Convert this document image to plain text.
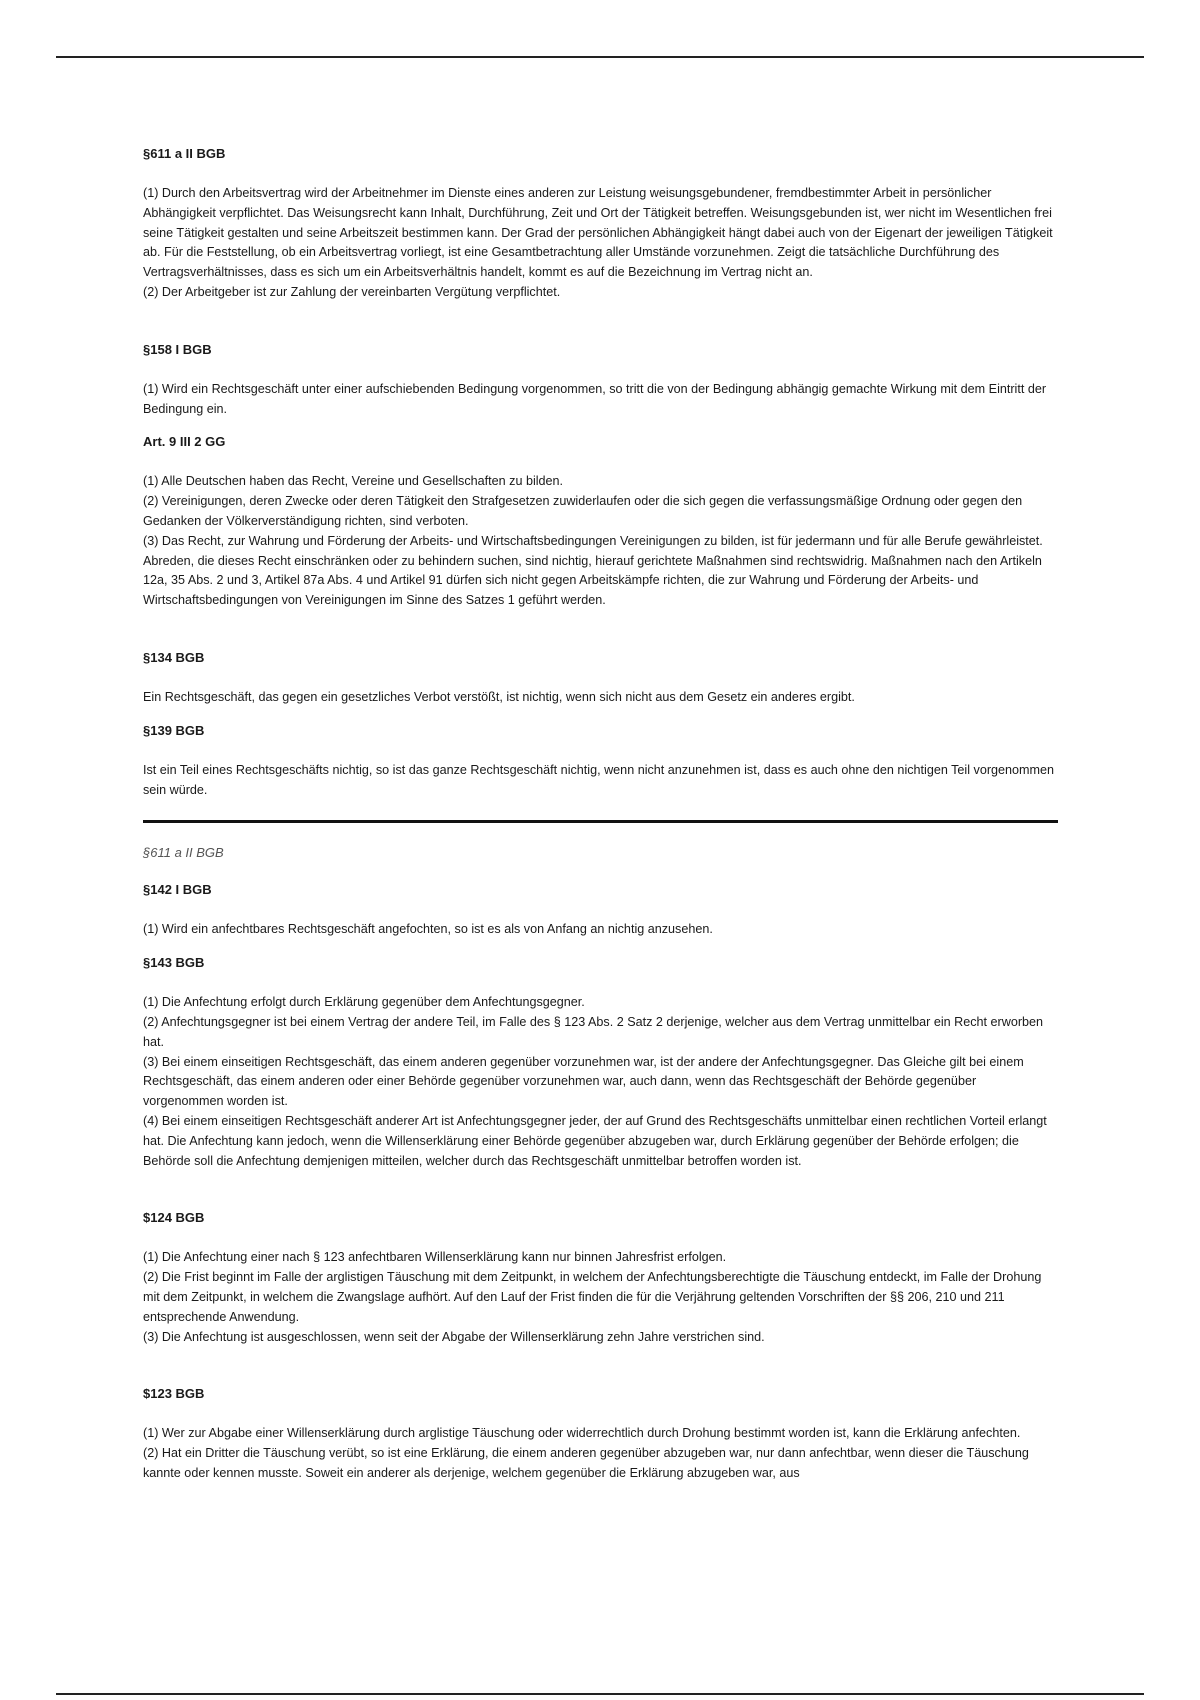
§611 a II BGB
(1) Durch den Arbeitsvertrag wird der Arbeitnehmer im Dienste eines anderen zur Leistung weisungsgebundener, fremdbestimmter Arbeit in persönlicher Abhängigkeit verpflichtet. Das Weisungsrecht kann Inhalt, Durchführung, Zeit und Ort der Tätigkeit betreffen. Weisungsgebunden ist, wer nicht im Wesentlichen frei seine Tätigkeit gestalten und seine Arbeitszeit bestimmen kann. Der Grad der persönlichen Abhängigkeit hängt dabei auch von der Eigenart der jeweiligen Tätigkeit ab. Für die Feststellung, ob ein Arbeitsvertrag vorliegt, ist eine Gesamtbetrachtung aller Umstände vorzunehmen. Zeigt die tatsächliche Durchführung des Vertragsverhältnisses, dass es sich um ein Arbeitsverhältnis handelt, kommt es auf die Bezeichnung im Vertrag nicht an.
(2) Der Arbeitgeber ist zur Zahlung der vereinbarten Vergütung verpflichtet.
§158 I BGB
(1) Wird ein Rechtsgeschäft unter einer aufschiebenden Bedingung vorgenommen, so tritt die von der Bedingung abhängig gemachte Wirkung mit dem Eintritt der Bedingung ein.
Art. 9 III 2 GG
(1) Alle Deutschen haben das Recht, Vereine und Gesellschaften zu bilden.
(2) Vereinigungen, deren Zwecke oder deren Tätigkeit den Strafgesetzen zuwiderlaufen oder die sich gegen die verfassungsmäßige Ordnung oder gegen den Gedanken der Völkerverständigung richten, sind verboten.
(3) Das Recht, zur Wahrung und Förderung der Arbeits- und Wirtschaftsbedingungen Vereinigungen zu bilden, ist für jedermann und für alle Berufe gewährleistet. Abreden, die dieses Recht einschränken oder zu behindern suchen, sind nichtig, hierauf gerichtete Maßnahmen sind rechtswidrig. Maßnahmen nach den Artikeln 12a, 35 Abs. 2 und 3, Artikel 87a Abs. 4 und Artikel 91 dürfen sich nicht gegen Arbeitskämpfe richten, die zur Wahrung und Förderung der Arbeits- und Wirtschaftsbedingungen von Vereinigungen im Sinne des Satzes 1 geführt werden.
§134 BGB
Ein Rechtsgeschäft, das gegen ein gesetzliches Verbot verstößt, ist nichtig, wenn sich nicht aus dem Gesetz ein anderes ergibt.
§139 BGB
Ist ein Teil eines Rechtsgeschäfts nichtig, so ist das ganze Rechtsgeschäft nichtig, wenn nicht anzunehmen ist, dass es auch ohne den nichtigen Teil vorgenommen sein würde.
§611 a II BGB
§142 I BGB
(1) Wird ein anfechtbares Rechtsgeschäft angefochten, so ist es als von Anfang an nichtig anzusehen.
§143 BGB
(1) Die Anfechtung erfolgt durch Erklärung gegenüber dem Anfechtungsgegner.
(2) Anfechtungsgegner ist bei einem Vertrag der andere Teil, im Falle des § 123 Abs. 2 Satz 2 derjenige, welcher aus dem Vertrag unmittelbar ein Recht erworben hat.
(3) Bei einem einseitigen Rechtsgeschäft, das einem anderen gegenüber vorzunehmen war, ist der andere der Anfechtungsgegner. Das Gleiche gilt bei einem Rechtsgeschäft, das einem anderen oder einer Behörde gegenüber vorzunehmen war, auch dann, wenn das Rechtsgeschäft der Behörde gegenüber vorgenommen worden ist.
(4) Bei einem einseitigen Rechtsgeschäft anderer Art ist Anfechtungsgegner jeder, der auf Grund des Rechtsgeschäfts unmittelbar einen rechtlichen Vorteil erlangt hat. Die Anfechtung kann jedoch, wenn die Willenserklärung einer Behörde gegenüber abzugeben war, durch Erklärung gegenüber der Behörde erfolgen; die Behörde soll die Anfechtung demjenigen mitteilen, welcher durch das Rechtsgeschäft unmittelbar betroffen worden ist.
$124 BGB
(1) Die Anfechtung einer nach § 123 anfechtbaren Willenserklärung kann nur binnen Jahresfrist erfolgen.
(2) Die Frist beginnt im Falle der arglistigen Täuschung mit dem Zeitpunkt, in welchem der Anfechtungsberechtigte die Täuschung entdeckt, im Falle der Drohung mit dem Zeitpunkt, in welchem die Zwangslage aufhört. Auf den Lauf der Frist finden die für die Verjährung geltenden Vorschriften der §§ 206, 210 und 211 entsprechende Anwendung.
(3) Die Anfechtung ist ausgeschlossen, wenn seit der Abgabe der Willenserklärung zehn Jahre verstrichen sind.
$123 BGB
(1) Wer zur Abgabe einer Willenserklärung durch arglistige Täuschung oder widerrechtlich durch Drohung bestimmt worden ist, kann die Erklärung anfechten.
(2) Hat ein Dritter die Täuschung verübt, so ist eine Erklärung, die einem anderen gegenüber abzugeben war, nur dann anfechtbar, wenn dieser die Täuschung kannte oder kennen musste. Soweit ein anderer als derjenige, welchem gegenüber die Erklärung abzugeben war, aus
